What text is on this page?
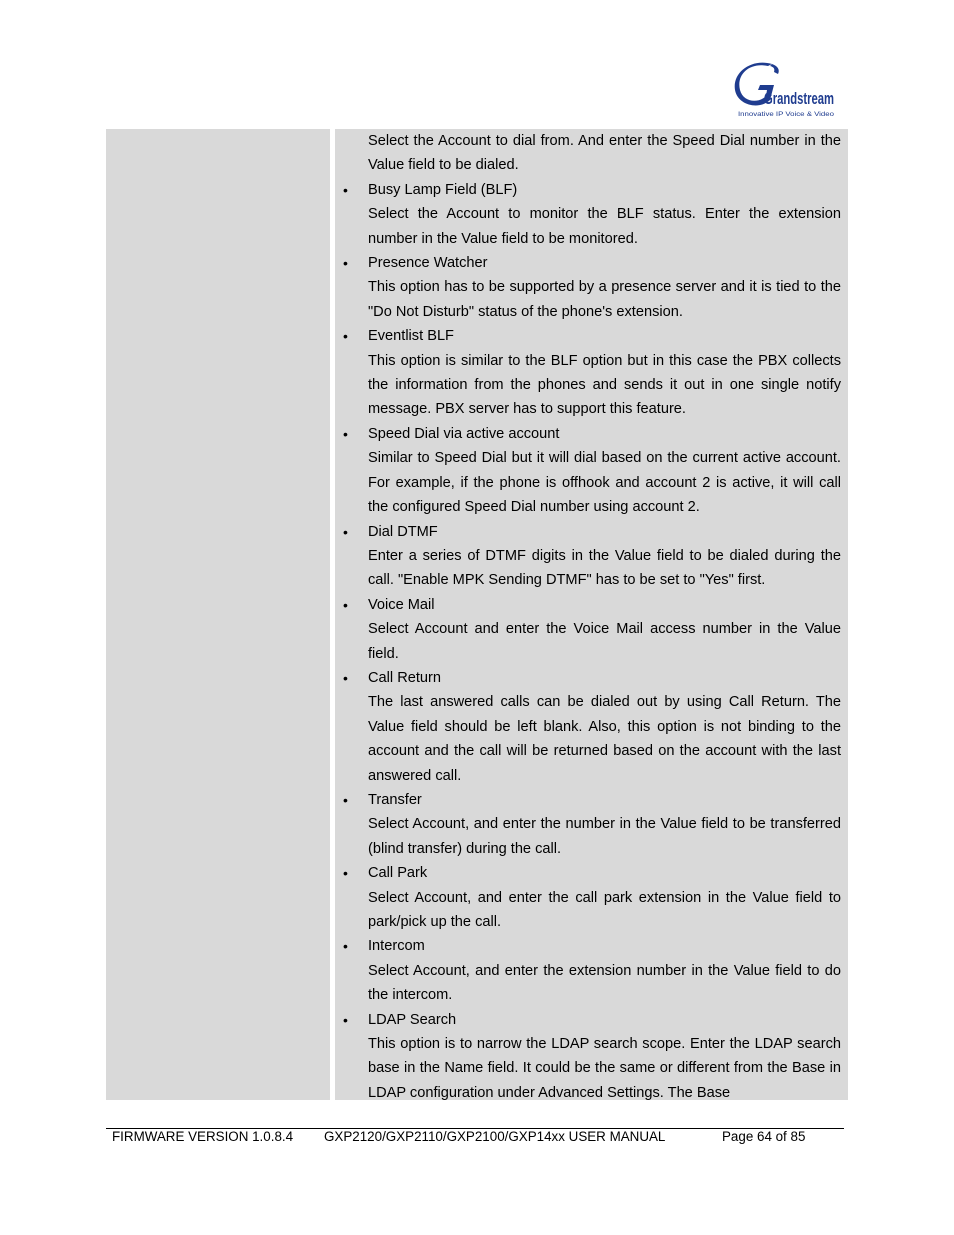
Grandstream
Innovative IP Voice & Video

Select the Account to dial from. And enter the Speed Dial number in the Value field to be dialed.

• Busy Lamp Field (BLF)

Select the Account to monitor the BLF status. Enter the extension number in the Value field to be monitored.

• Presence Watcher

This option has to be supported by a presence server and it is tied to the "Do Not Disturb" status of the phone's extension.

• Eventlist BLF

This option is similar to the BLF option but in this case the PBX collects the information from the phones and sends it out in one single notify message. PBX server has to support this feature.

• Speed Dial via active account

Similar to Speed Dial but it will dial based on the current active account. For example, if the phone is offhook and account 2 is active, it will call the configured Speed Dial number using account 2.

• Dial DTMF

Enter a series of DTMF digits in the Value field to be dialed during the call. "Enable MPK Sending DTMF" has to be set to "Yes" first.

• Voice Mail

Select Account and enter the Voice Mail access number in the Value field.

• Call Return

The last answered calls can be dialed out by using Call Return. The Value field should be left blank. Also, this option is not binding to the account and the call will be returned based on the account with the last answered call.

• Transfer

Select Account, and enter the number in the Value field to be transferred (blind transfer) during the call.

• Call Park

Select Account, and enter the call park extension in the Value field to park/pick up the call.

• Intercom

Select Account, and enter the extension number in the Value field to do the intercom.

• LDAP Search

This option is to narrow the LDAP search scope. Enter the LDAP search base in the Name field. It could be the same or different from the Base in LDAP configuration under Advanced Settings. The Base

FIRMWARE VERSION 1.0.8.4 GXP2120/GXP2110/GXP2100/GXP14xx USER MANUAL	Page 64 of 85
